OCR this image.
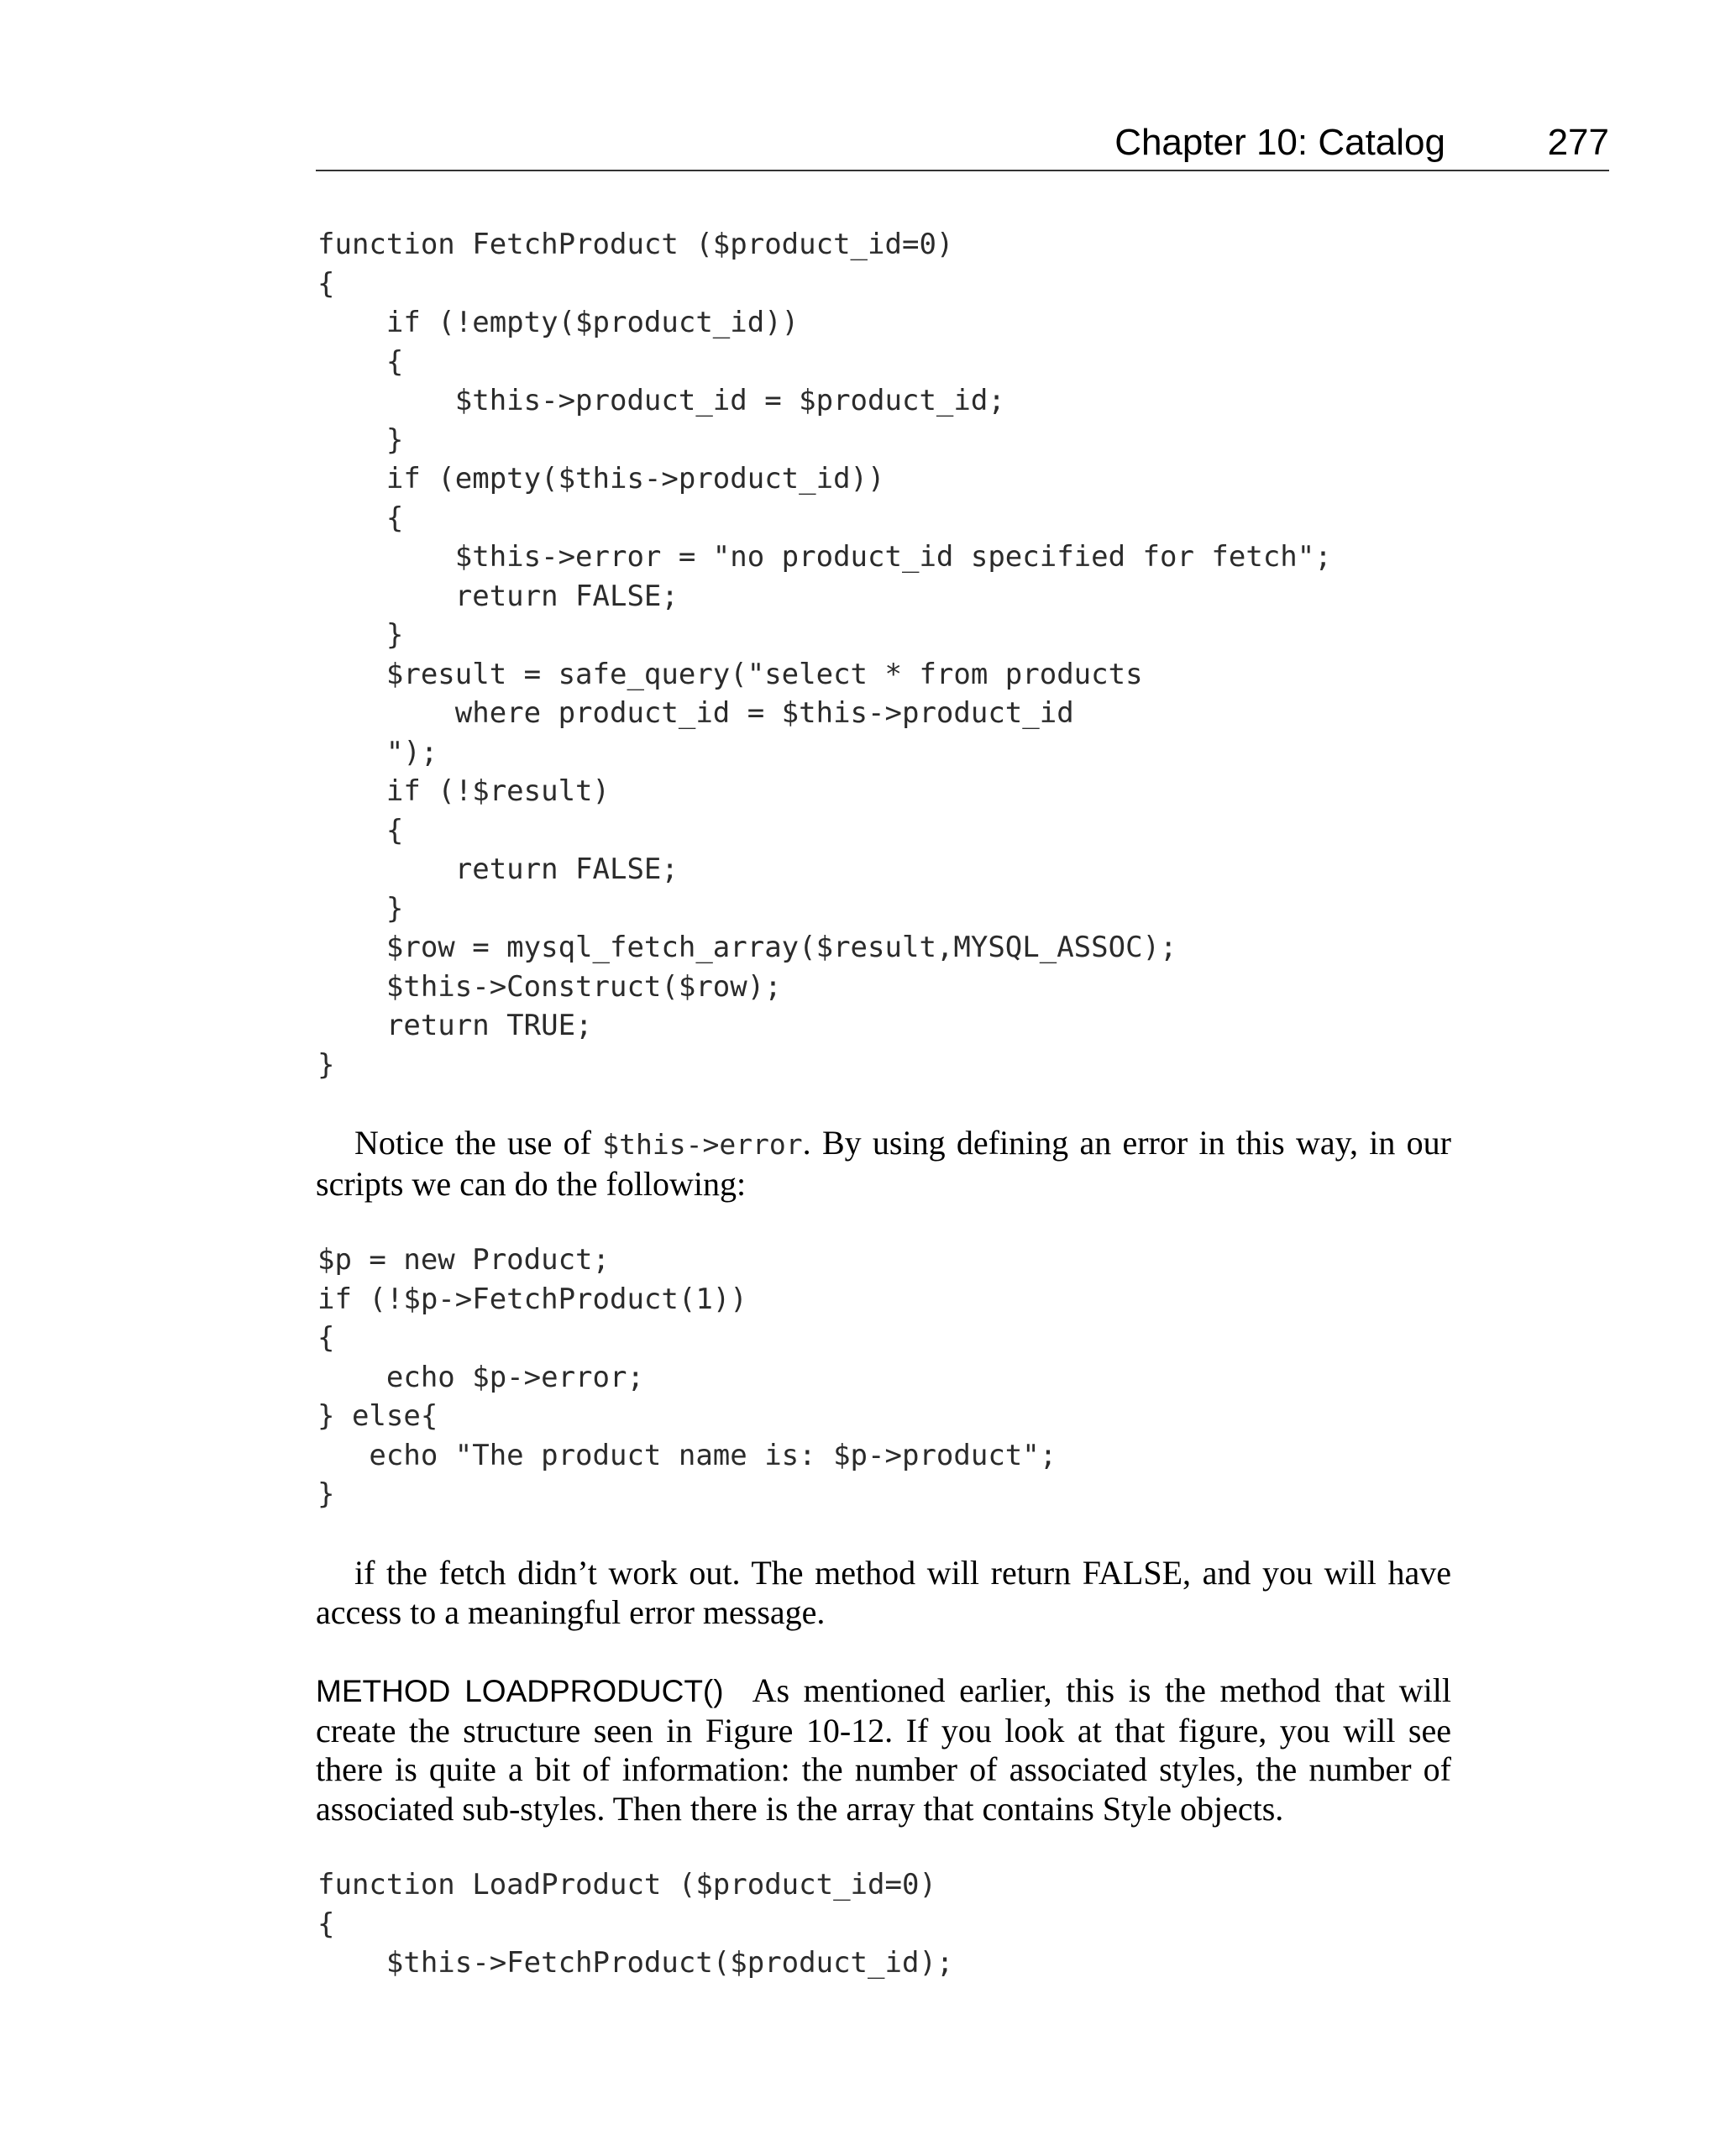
Chapter 10: Catalog	277
function FetchProduct ($product_id=0)
{
if (!empty($product_id))
{
$this->product_id = $product_id;
}
if (empty($this->product_id))
{
$this->error = "no product_id specified for fetch";
return FALSE;
}
$result = safe_query("select * from products
where product_id = $this->product_id
");
if (!$result)
{
return FALSE;
}
$row = mysql_fetch_array($result,MYSQL_ASSOC);
$this->Construct($row);
return TRUE;
}

Notice the use of $this->error. By using defining an error in this way, in our scripts we can do the following:

$p = new Product;
if (!$p->FetchProduct(1))
{
echo $p->error;
} else{
echo "The product name is: $p->product";
}

if the fetch didn’t work out. The method will return FALSE, and you will have access to a meaningful error message.

METHOD LOADPRODUCT() As mentioned earlier, this is the method that will create the structure seen in Figure 10-12. If you look at that figure, you will see there is quite a bit of information: the number of associated styles, the number of associated sub-styles. Then there is the array that contains Style objects.

function LoadProduct ($product_id=0)
{
$this->FetchProduct($product_id);
